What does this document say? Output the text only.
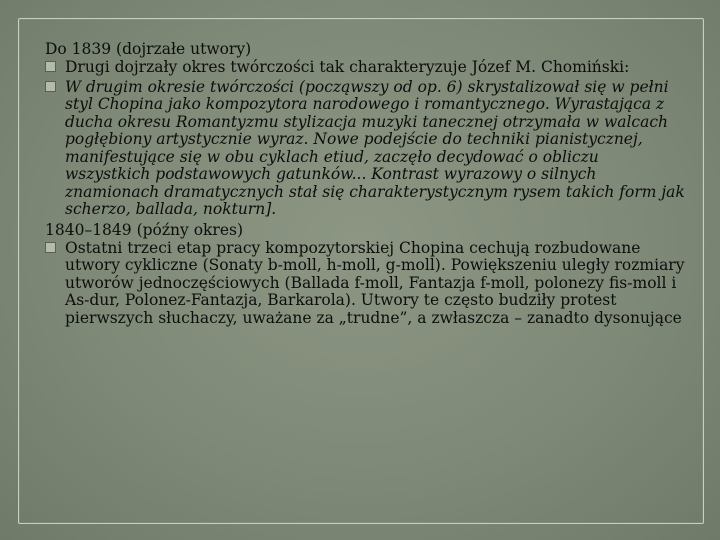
Do 1839 (dojrzałe utwory)

Drugi dojrzały okres twórczości tak charakteryzuje Józef M. Chomiński:
W drugim okresie twórczości (począwszy od op. 6) skrystalizował się w pełni styl Chopina jako kompozytora narodowego i romantycznego. Wyrastająca z ducha okresu Romantyzmu stylizacja muzyki tanecznej otrzymała w walcach pogłębiony artystycznie wyraz. Nowe podejście do techniki pianistycznej, manifestujące się w obu cyklach etiud, zaczęło decydować o obliczu wszystkich podstawowych gatunków... Kontrast wyrazowy o silnych znamionach dramatycznych stał się charakterystycznym rysem takich form jak scherzo, ballada, nokturn].

1840–1849 (późny okres)

Ostatni trzeci etap pracy kompozytorskiej Chopina cechują rozbudowane utwory cykliczne (Sonaty b-moll, h-moll, g-moll). Powiększeniu uległy rozmiary utworów jednoczęściowych (Ballada f-moll, Fantazja f-moll, polonezy fis-moll i As-dur, Polonez-Fantazja, Barkarola). Utwory te często budziły protest pierwszych słuchaczy, uważane za „trudne”, a zwłaszcza – zanadto dysonujące
